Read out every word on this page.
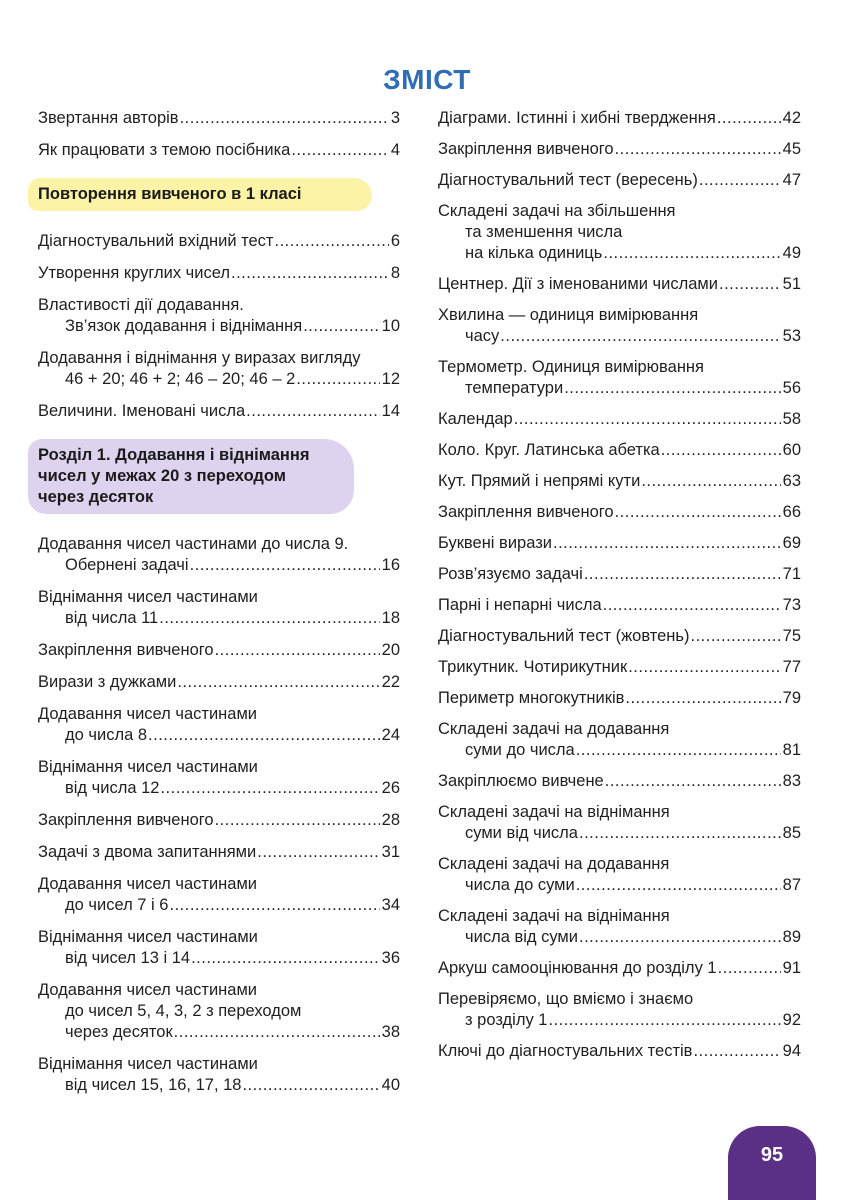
ЗМІСТ
Звертання авторів .....	3
Як працювати з темою посібника .....	4
Повторення вивченого в 1 класі
Діагностувальний вхідний тест .....	6
Утворення круглих чисел .....	8
Властивості дії додавання.
Зв’язок додавання і віднімання .....	10
Додавання і віднімання у виразах вигляду
46 + 20; 46 + 2; 46 – 20; 46 – 2 .....	12
Величини. Іменовані числа .....	14
Розділ 1. Додавання і віднімання
чисел у межах 20 з переходом
через десяток
Додавання чисел частинами до числа 9.
Обернені задачі .....	16
Віднімання чисел частинами
від числа 11 .....	18
Закріплення вивченого .....	20
Вирази з дужками .....	22
Додавання чисел частинами
до числа 8 .....	24
Віднімання чисел частинами
від числа 12 .....	26
Закріплення вивченого .....	28
Задачі з двома запитаннями .....	31
Додавання чисел частинами
до чисел 7 і 6 .....	34
Віднімання чисел частинами
від чисел 13 і 14 .....	36
Додавання чисел частинами
до чисел 5, 4, 3, 2 з переходом
через десяток .....	38
Віднімання чисел частинами
від чисел 15, 16, 17, 18 .....	40
Діаграми. Істинні і хибні твердження .....	42
Закріплення вивченого .....	45
Діагностувальний тест (вересень) .....	47
Складені задачі на збільшення
та зменшення числа
на кілька одиниць .....	49
Центнер. Дії з іменованими числами .....	51
Хвилина — одиниця вимірювання
часу .....	53
Термометр. Одиниця вимірювання
температури .....	56
Календар .....	58
Коло. Круг. Латинська абетка .....	60
Кут. Прямий і непрямі кути .....	63
Закріплення вивченого .....	66
Буквені вирази .....	69
Розв’язуємо задачі .....	71
Парні і непарні числа .....	73
Діагностувальний тест (жовтень) .....	75
Трикутник. Чотирикутник .....	77
Периметр многокутників .....	79
Складені задачі на додавання
суми до числа .....	81
Закріплюємо вивчене .....	83
Складені задачі на віднімання
суми від числа .....	85
Складені задачі на додавання
числа до суми .....	87
Складені задачі на віднімання
числа від суми .....	89
Аркуш самооцінювання до розділу 1 .....	91
Перевіряємо, що вміємо і знаємо
з розділу 1 .....	92
Ключі до діагностувальних тестів .....	94
95
